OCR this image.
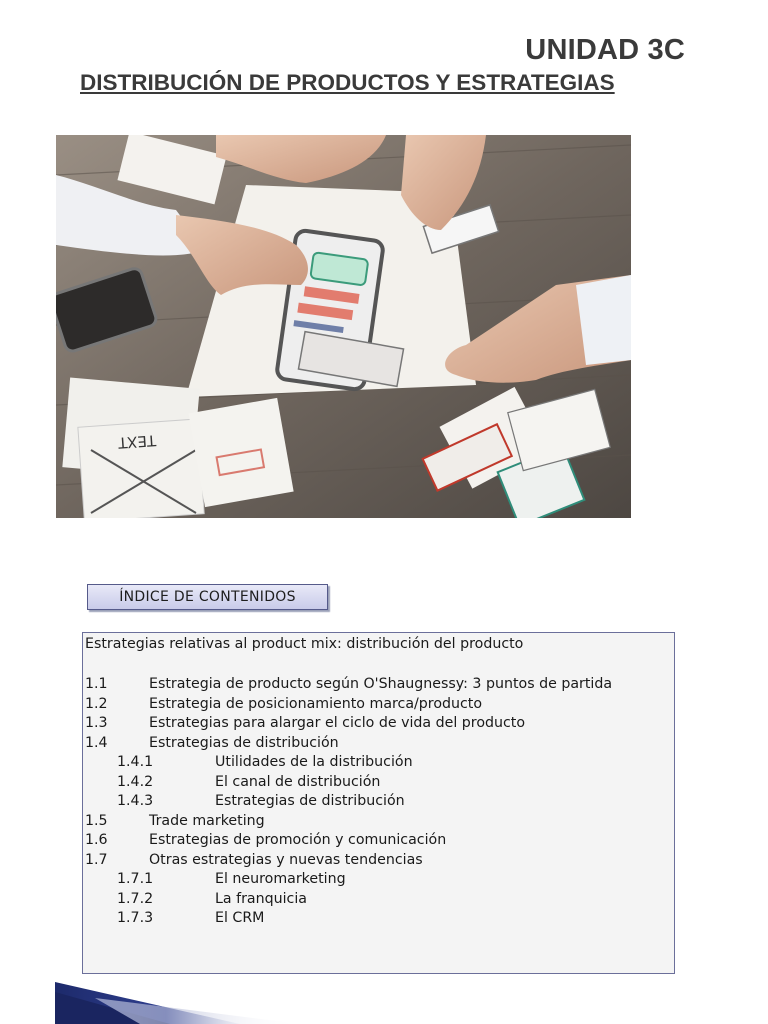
UNIDAD 3C
DISTRIBUCIÓN DE PRODUCTOS Y ESTRATEGIAS
TEXT
ÍNDICE DE CONTENIDOS
Estrategias relativas al product mix: distribución del producto
1.1	Estrategia de producto según O'Shaugnessy: 3 puntos de partida
1.2	Estrategia de posicionamiento marca/producto
1.3	Estrategias para alargar el ciclo de vida del producto
1.4	Estrategias de distribución
1.4.1	Utilidades de la distribución
1.4.2	El canal de distribución
1.4.3	Estrategias de distribución
1.5	Trade marketing
1.6	Estrategias de promoción y comunicación
1.7	Otras estrategias y nuevas tendencias
1.7.1	El neuromarketing
1.7.2	La franquicia
1.7.3	El CRM
